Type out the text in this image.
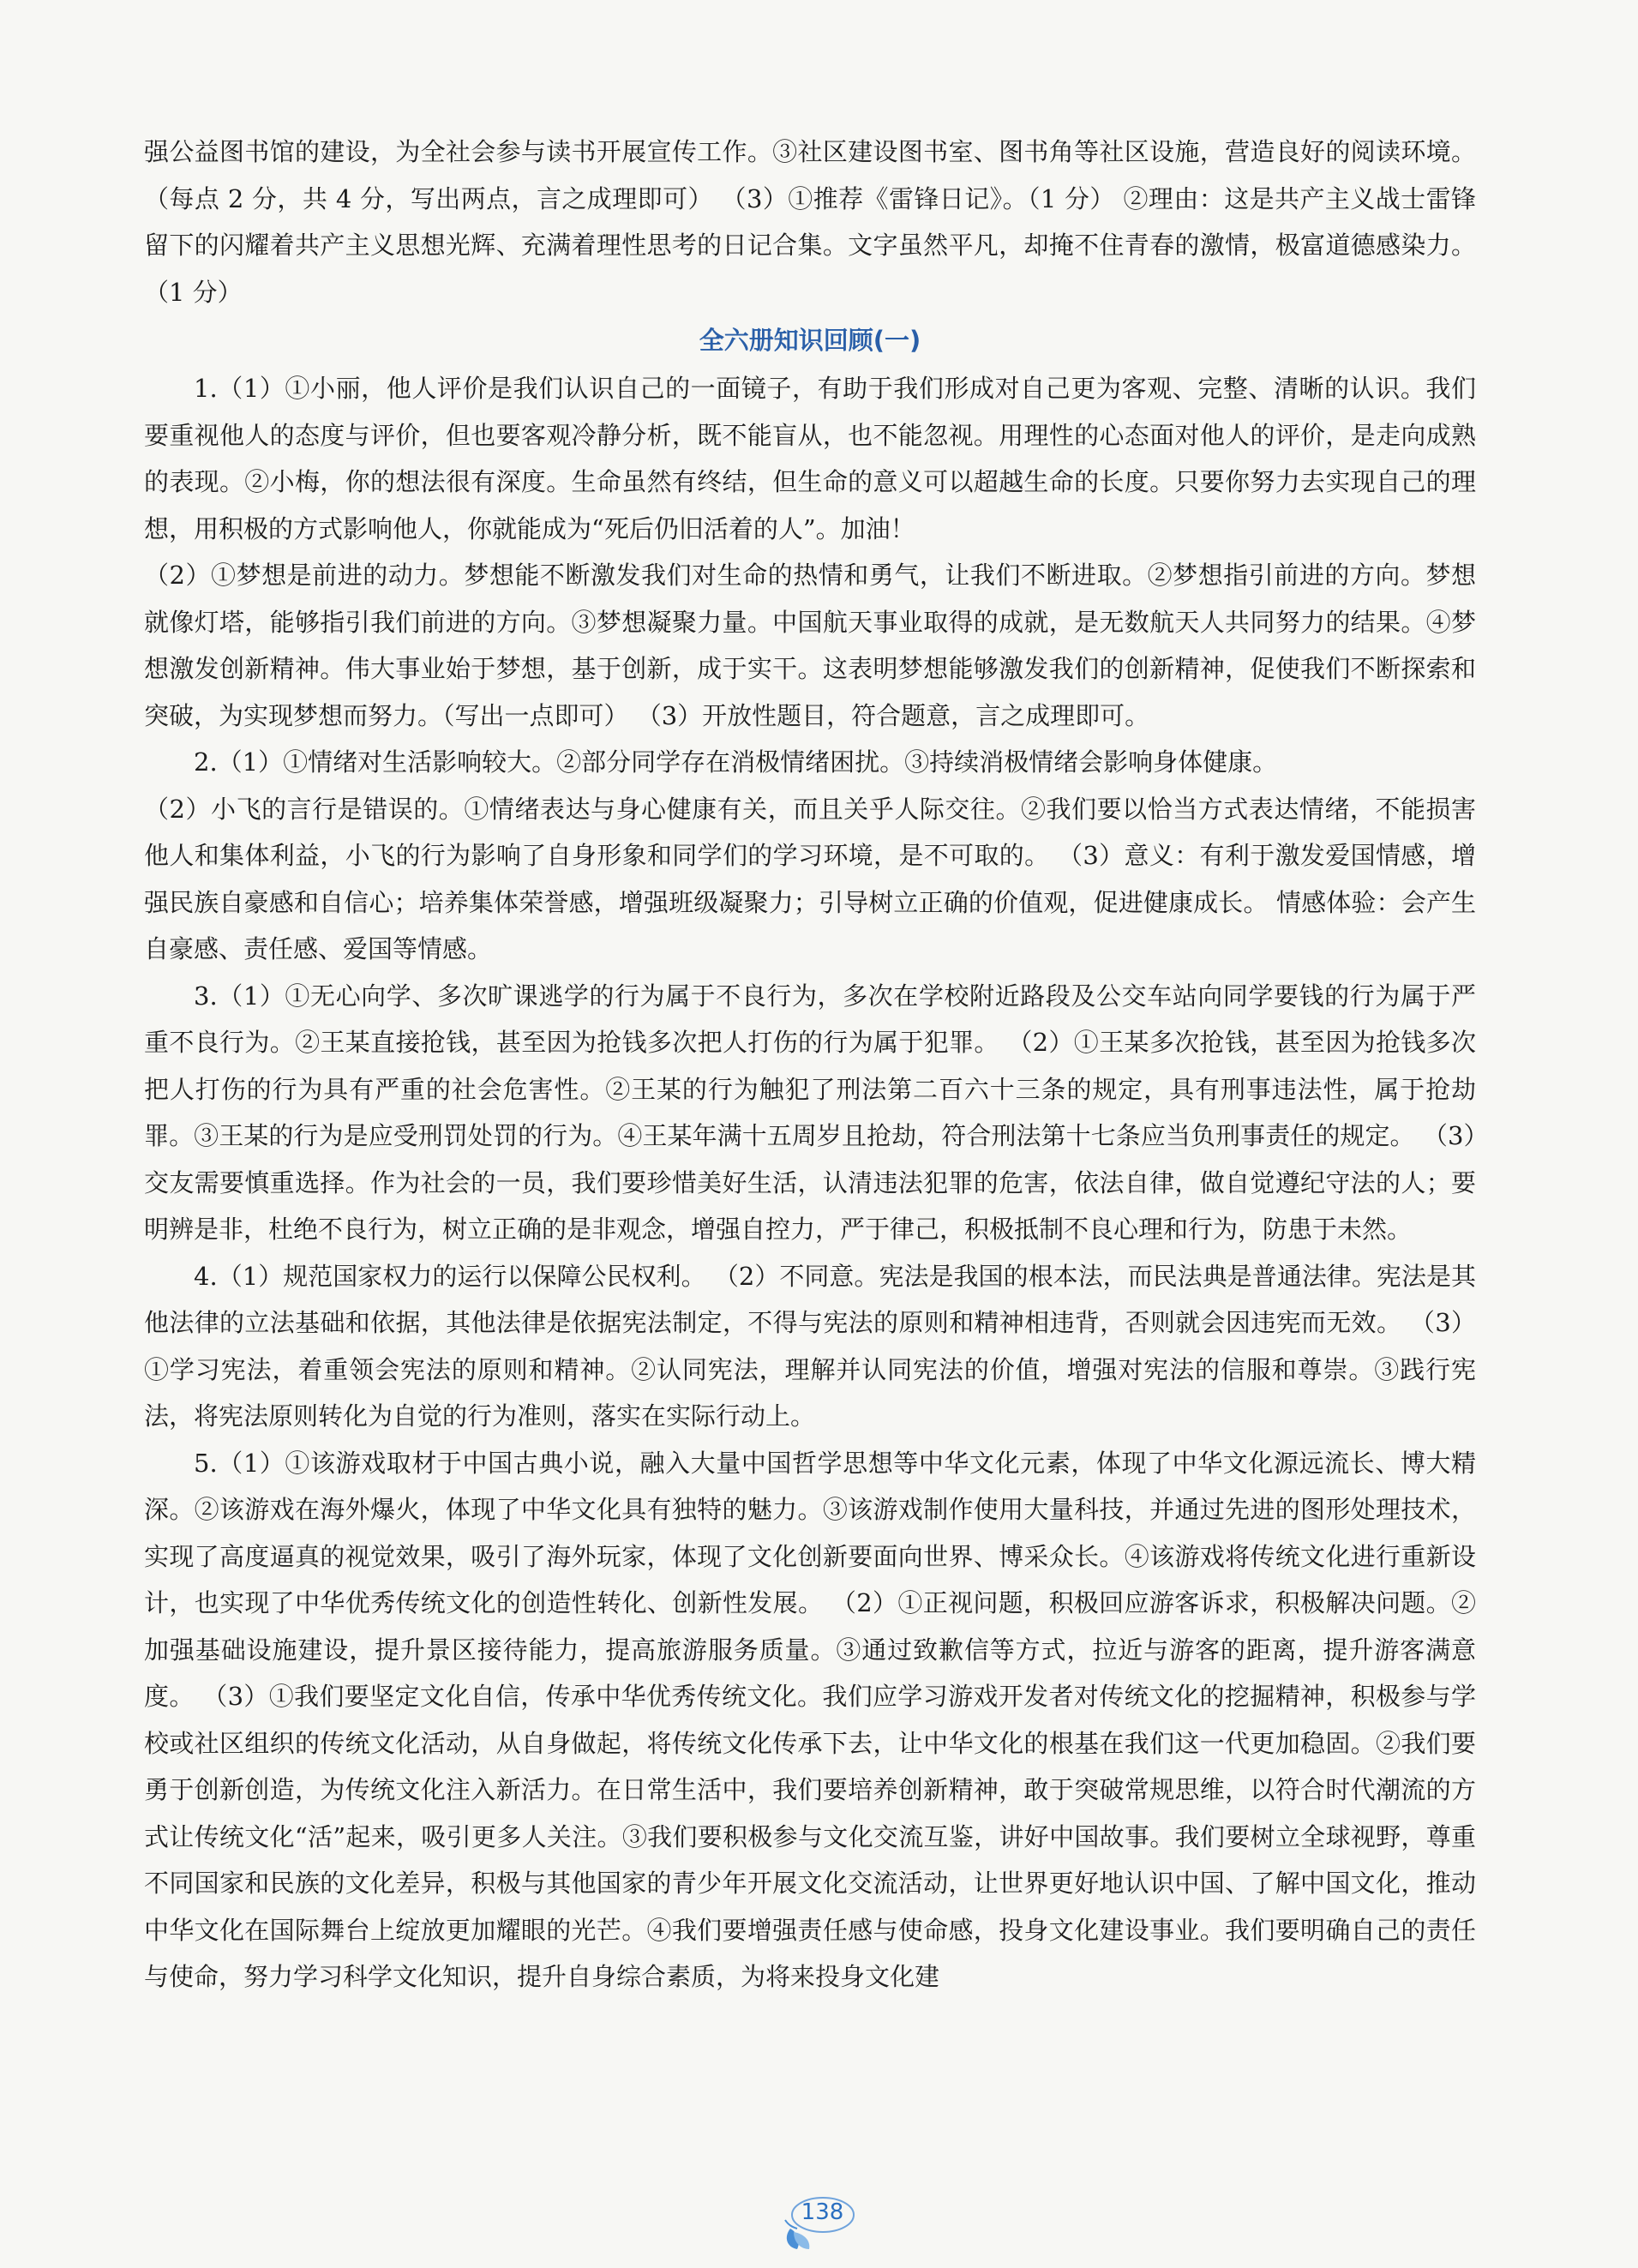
强公益图书馆的建设，为全社会参与读书开展宣传工作。③社区建设图书室、图书角等社区设施，营造良好的阅读环境。（每点 2 分，共 4 分，写出两点，言之成理即可） （3）①推荐《雷锋日记》。（1 分） ②理由：这是共产主义战士雷锋留下的闪耀着共产主义思想光辉、充满着理性思考的日记合集。文字虽然平凡，却掩不住青春的激情，极富道德感染力。（1 分）

全六册知识回顾(一)

1.（1）①小丽，他人评价是我们认识自己的一面镜子，有助于我们形成对自己更为客观、完整、清晰的认识。我们要重视他人的态度与评价，但也要客观冷静分析，既不能盲从，也不能忽视。用理性的心态面对他人的评价，是走向成熟的表现。②小梅，你的想法很有深度。生命虽然有终结，但生命的意义可以超越生命的长度。只要你努力去实现自己的理想，用积极的方式影响他人，你就能成为“死后仍旧活着的人”。加油！

（2）①梦想是前进的动力。梦想能不断激发我们对生命的热情和勇气，让我们不断进取。②梦想指引前进的方向。梦想就像灯塔，能够指引我们前进的方向。③梦想凝聚力量。中国航天事业取得的成就，是无数航天人共同努力的结果。④梦想激发创新精神。伟大事业始于梦想，基于创新，成于实干。这表明梦想能够激发我们的创新精神，促使我们不断探索和突破，为实现梦想而努力。（写出一点即可） （3）开放性题目，符合题意，言之成理即可。

2.（1）①情绪对生活影响较大。②部分同学存在消极情绪困扰。③持续消极情绪会影响身体健康。

（2）小飞的言行是错误的。①情绪表达与身心健康有关，而且关乎人际交往。②我们要以恰当方式表达情绪，不能损害他人和集体利益，小飞的行为影响了自身形象和同学们的学习环境，是不可取的。 （3）意义：有利于激发爱国情感，增强民族自豪感和自信心；培养集体荣誉感，增强班级凝聚力；引导树立正确的价值观，促进健康成长。 情感体验：会产生自豪感、责任感、爱国等情感。

3.（1）①无心向学、多次旷课逃学的行为属于不良行为，多次在学校附近路段及公交车站向同学要钱的行为属于严重不良行为。②王某直接抢钱，甚至因为抢钱多次把人打伤的行为属于犯罪。 （2）①王某多次抢钱，甚至因为抢钱多次把人打伤的行为具有严重的社会危害性。②王某的行为触犯了刑法第二百六十三条的规定，具有刑事违法性，属于抢劫罪。③王某的行为是应受刑罚处罚的行为。④王某年满十五周岁且抢劫，符合刑法第十七条应当负刑事责任的规定。 （3）交友需要慎重选择。作为社会的一员，我们要珍惜美好生活，认清违法犯罪的危害，依法自律，做自觉遵纪守法的人；要明辨是非，杜绝不良行为，树立正确的是非观念，增强自控力，严于律己，积极抵制不良心理和行为，防患于未然。

4.（1）规范国家权力的运行以保障公民权利。 （2）不同意。宪法是我国的根本法，而民法典是普通法律。宪法是其他法律的立法基础和依据，其他法律是依据宪法制定，不得与宪法的原则和精神相违背，否则就会因违宪而无效。 （3）①学习宪法，着重领会宪法的原则和精神。②认同宪法，理解并认同宪法的价值，增强对宪法的信服和尊崇。③践行宪法，将宪法原则转化为自觉的行为准则，落实在实际行动上。

5.（1）①该游戏取材于中国古典小说，融入大量中国哲学思想等中华文化元素，体现了中华文化源远流长、博大精深。②该游戏在海外爆火，体现了中华文化具有独特的魅力。③该游戏制作使用大量科技，并通过先进的图形处理技术，实现了高度逼真的视觉效果，吸引了海外玩家，体现了文化创新要面向世界、博采众长。④该游戏将传统文化进行重新设计，也实现了中华优秀传统文化的创造性转化、创新性发展。 （2）①正视问题，积极回应游客诉求，积极解决问题。②加强基础设施建设，提升景区接待能力，提高旅游服务质量。③通过致歉信等方式，拉近与游客的距离，提升游客满意度。 （3）①我们要坚定文化自信，传承中华优秀传统文化。我们应学习游戏开发者对传统文化的挖掘精神，积极参与学校或社区组织的传统文化活动，从自身做起，将传统文化传承下去，让中华文化的根基在我们这一代更加稳固。②我们要勇于创新创造，为传统文化注入新活力。在日常生活中，我们要培养创新精神，敢于突破常规思维，以符合时代潮流的方式让传统文化“活”起来，吸引更多人关注。③我们要积极参与文化交流互鉴，讲好中国故事。我们要树立全球视野，尊重不同国家和民族的文化差异，积极与其他国家的青少年开展文化交流活动，让世界更好地认识中国、了解中国文化，推动中华文化在国际舞台上绽放更加耀眼的光芒。④我们要增强责任感与使命感，投身文化建设事业。我们要明确自己的责任与使命，努力学习科学文化知识，提升自身综合素质，为将来投身文化建

138
